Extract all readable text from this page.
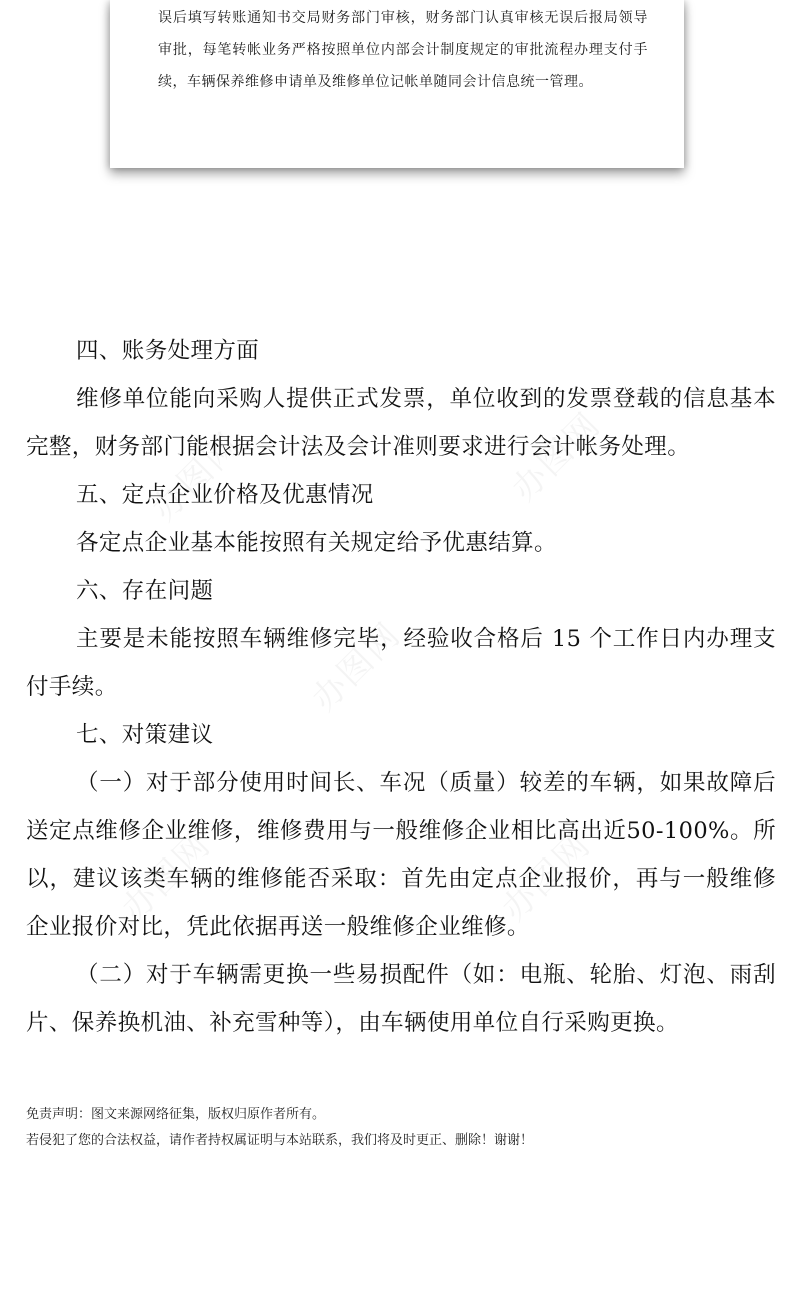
误后填写转账通知书交局财务部门审核，财务部门认真审核无误后报局领导审批，每笔转帐业务严格按照单位内部会计制度规定的审批流程办理支付手续，车辆保养维修申请单及维修单位记帐单随同会计信息统一管理。

四、账务处理方面

维修单位能向采购人提供正式发票，单位收到的发票登载的信息基本完整，财务部门能根据会计法及会计准则要求进行会计帐务处理。

五、定点企业价格及优惠情况

各定点企业基本能按照有关规定给予优惠结算。

六、存在问题

主要是未能按照车辆维修完毕，经验收合格后 15 个工作日内办理支付手续。

七、对策建议

（一）对于部分使用时间长、车况（质量）较差的车辆，如果故障后送定点维修企业维修，维修费用与一般维修企业相比高出近50-100%。所以，建议该类车辆的维修能否采取：首先由定点企业报价，再与一般维修企业报价对比，凭此依据再送一般维修企业维修。

（二）对于车辆需更换一些易损配件（如：电瓶、轮胎、灯泡、雨刮片、保养换机油、补充雪种等），由车辆使用单位自行采购更换。

免责声明：图文来源网络征集，版权归原作者所有。
若侵犯了您的合法权益，请作者持权属证明与本站联系，我们将及时更正、删除！谢谢！
